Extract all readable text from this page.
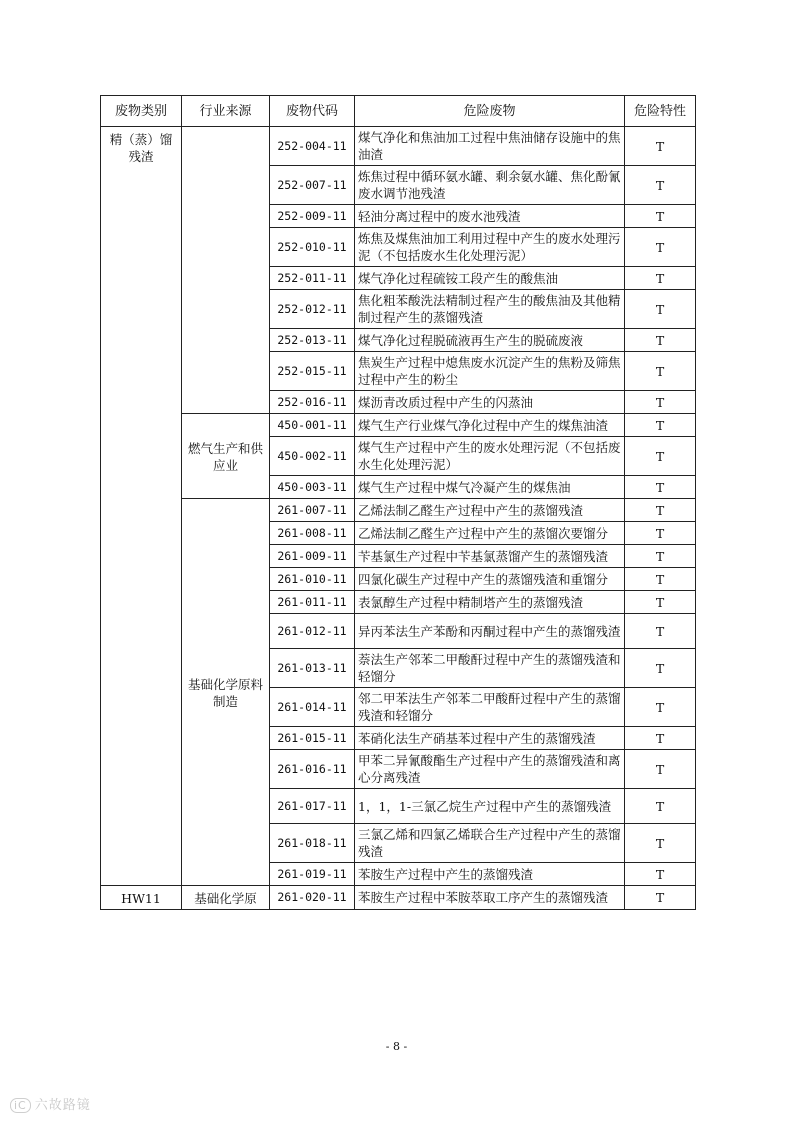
废物类别	行业来源	废物代码	危险废物	危险特性
精（蒸）馏残渣		252-004-11	煤气净化和焦油加工过程中焦油储存设施中的焦油渣	T
		252-007-11	炼焦过程中循环氨水罐、剩余氨水罐、焦化酚氰废水调节池残渣	T
		252-009-11	轻油分离过程中的废水池残渣	T
		252-010-11	炼焦及煤焦油加工利用过程中产生的废水处理污泥（不包括废水生化处理污泥）	T
		252-011-11	煤气净化过程硫铵工段产生的酸焦油	T
		252-012-11	焦化粗苯酸洗法精制过程产生的酸焦油及其他精制过程产生的蒸馏残渣	T
		252-013-11	煤气净化过程脱硫液再生产生的脱硫废液	T
		252-015-11	焦炭生产过程中熄焦废水沉淀产生的焦粉及筛焦过程中产生的粉尘	T
		252-016-11	煤沥青改质过程中产生的闪蒸油	T
	燃气生产和供应业	450-001-11	煤气生产行业煤气净化过程中产生的煤焦油渣	T
		450-002-11	煤气生产过程中产生的废水处理污泥（不包括废水生化处理污泥）	T
		450-003-11	煤气生产过程中煤气冷凝产生的煤焦油	T
	基础化学原料制造	261-007-11	乙烯法制乙醛生产过程中产生的蒸馏残渣	T
		261-008-11	乙烯法制乙醛生产过程中产生的蒸馏次要馏分	T
		261-009-11	苄基氯生产过程中苄基氯蒸馏产生的蒸馏残渣	T
		261-010-11	四氯化碳生产过程中产生的蒸馏残渣和重馏分	T
		261-011-11	表氯醇生产过程中精制塔产生的蒸馏残渣	T
		261-012-11	异丙苯法生产苯酚和丙酮过程中产生的蒸馏残渣	T
		261-013-11	萘法生产邻苯二甲酸酐过程中产生的蒸馏残渣和轻馏分	T
		261-014-11	邻二甲苯法生产邻苯二甲酸酐过程中产生的蒸馏残渣和轻馏分	T
		261-015-11	苯硝化法生产硝基苯过程中产生的蒸馏残渣	T
		261-016-11	甲苯二异氰酸酯生产过程中产生的蒸馏残渣和离心分离残渣	T
		261-017-11	1，1，1-三氯乙烷生产过程中产生的蒸馏残渣	T
		261-018-11	三氯乙烯和四氯乙烯联合生产过程中产生的蒸馏残渣	T
		261-019-11	苯胺生产过程中产生的蒸馏残渣	T
HW11	基础化学原	261-020-11	苯胺生产过程中苯胺萃取工序产生的蒸馏残渣	T
- 8 -
iC 六故路镜
